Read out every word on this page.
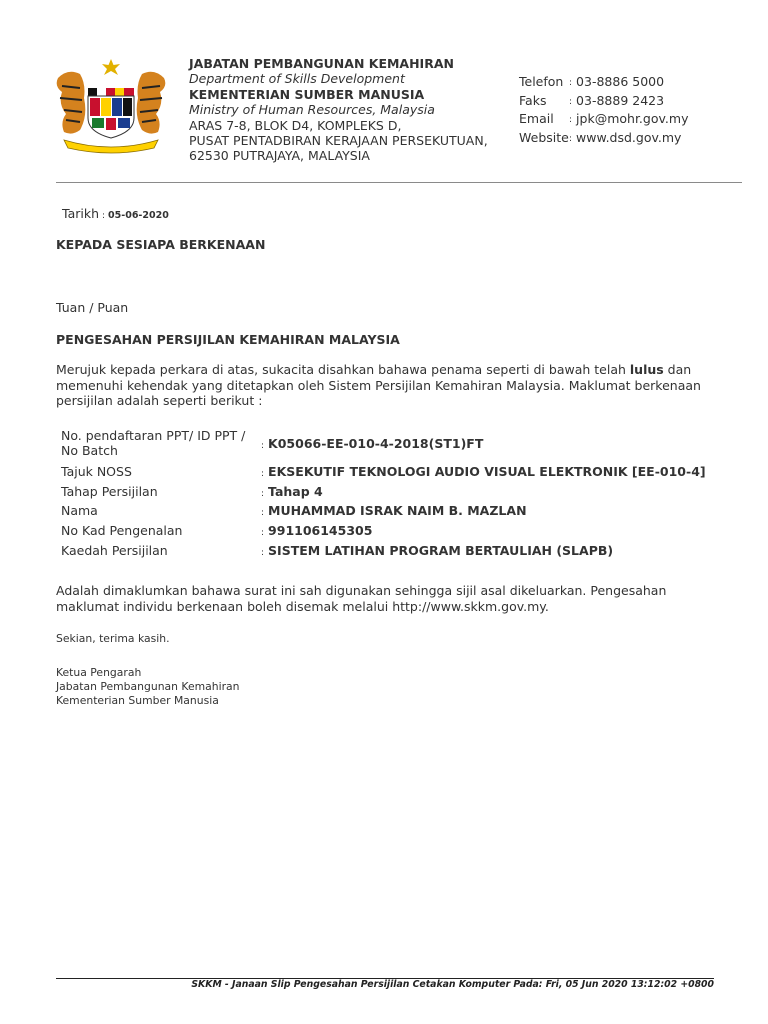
JABATAN PEMBANGUNAN KEMAHIRAN
Department of Skills Development
KEMENTERIAN SUMBER MANUSIA
Ministry of Human Resources, Malaysia
ARAS 7-8, BLOK D4, KOMPLEKS D,
PUSAT PENTADBIRAN KERAJAAN PERSEKUTUAN,
62530 PUTRAJAYA, MALAYSIA
Telefon : 03-8886 5000
Faks	: 03-8889 2423
Email	: jpk@mohr.gov.my
Website : www.dsd.gov.my
Tarikh : 05-06-2020
KEPADA SESIAPA BERKENAAN
Tuan / Puan
PENGESAHAN PERSIJILAN KEMAHIRAN MALAYSIA
Merujuk kepada perkara di atas, sukacita disahkan bahawa penama seperti di bawah telah lulus dan
memenuhi kehendak yang ditetapkan oleh Sistem Persijilan Kemahiran Malaysia. Maklumat berkenaan
persijilan adalah seperti berikut :
No. pendaftaran PPT/ ID PPT /
No Batch	: K05066-EE-010-4-2018(ST1)FT
Tajuk NOSS	: EKSEKUTIF TEKNOLOGI AUDIO VISUAL ELEKTRONIK [EE-010-4]
Tahap Persijilan	: Tahap 4
Nama	: MUHAMMAD ISRAK NAIM B. MAZLAN
No Kad Pengenalan	: 991106145305
Kaedah Persijilan	: SISTEM LATIHAN PROGRAM BERTAULIAH (SLAPB)
Adalah dimaklumkan bahawa surat ini sah digunakan sehingga sijil asal dikeluarkan. Pengesahan
maklumat individu berkenaan boleh disemak melalui http://www.skkm.gov.my.
Sekian, terima kasih.
Ketua Pengarah
Jabatan Pembangunan Kemahiran
Kementerian Sumber Manusia
SKKM - Janaan Slip Pengesahan Persijilan Cetakan Komputer Pada: Fri, 05 Jun 2020 13:12:02 +0800
